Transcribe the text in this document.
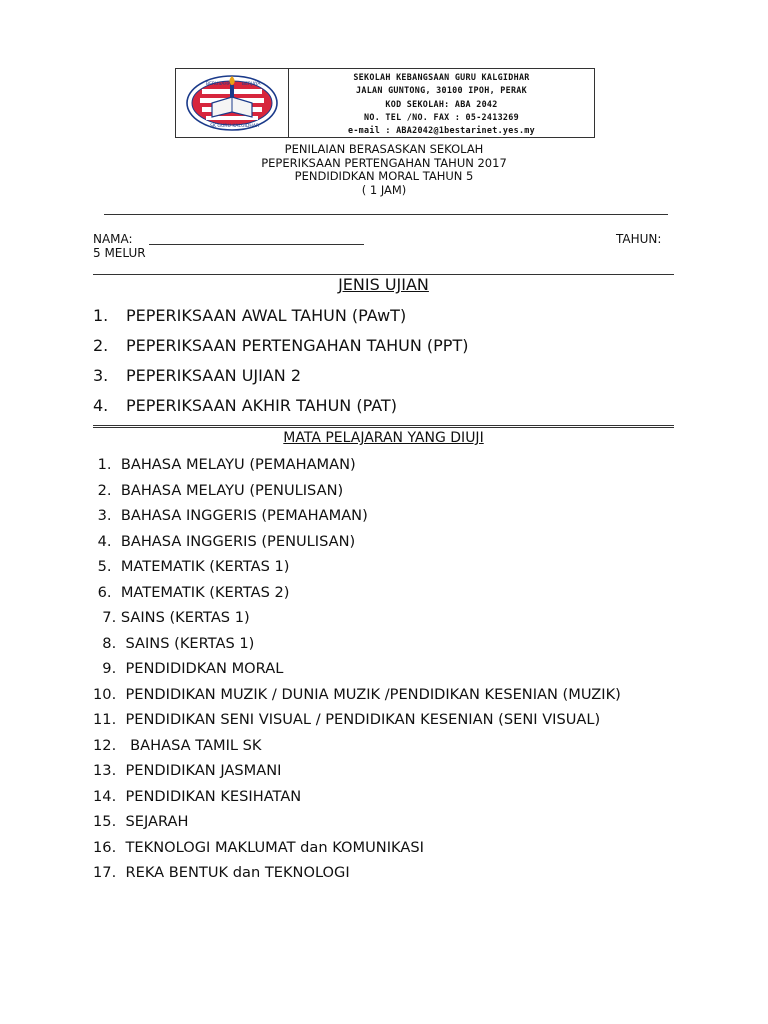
BERUSAHA BERJAYA
SK GURU KALGIDHAR
SEKOLAH KEBANGSAAN GURU KALGIDHAR
JALAN GUNTONG, 30100 IPOH, PERAK
KOD SEKOLAH: ABA 2042
NO. TEL /NO. FAX : 05-2413269
e-mail : ABA2042@1bestarinet.yes.my
PENILAIAN BERASASKAN SEKOLAH
PEPERIKSAAN PERTENGAHAN TAHUN 2017
PENDIDIDKAN MORAL TAHUN 5
( 1 JAM)
NAMA:	TAHUN:
5 MELUR
JENIS UJIAN
1.	PEPERIKSAAN AWAL TAHUN (PAwT)
2.	PEPERIKSAAN PERTENGAHAN TAHUN (PPT)
3.	PEPERIKSAAN UJIAN 2
4.	PEPERIKSAAN AKHIR TAHUN (PAT)
MATA PELAJARAN YANG DIUJI
1.  BAHASA MELAYU (PEMAHAMAN)
2.  BAHASA MELAYU (PENULISAN)
3.  BAHASA INGGERIS (PEMAHAMAN)
4.  BAHASA INGGERIS (PENULISAN)
5.  MATEMATIK (KERTAS 1)
6.  MATEMATIK (KERTAS 2)
7. SAINS (KERTAS 1)
8.  SAINS (KERTAS 1)
9.  PENDIDIDKAN MORAL
10.  PENDIDIKAN MUZIK / DUNIA MUZIK /PENDIDIKAN KESENIAN (MUZIK)
11.  PENDIDIKAN SENI VISUAL / PENDIDIKAN KESENIAN (SENI VISUAL)
12.   BAHASA TAMIL SK
13.  PENDIDIKAN JASMANI
14.  PENDIDIKAN KESIHATAN
15.  SEJARAH
16.  TEKNOLOGI MAKLUMAT dan KOMUNIKASI
17.  REKA BENTUK dan TEKNOLOGI
